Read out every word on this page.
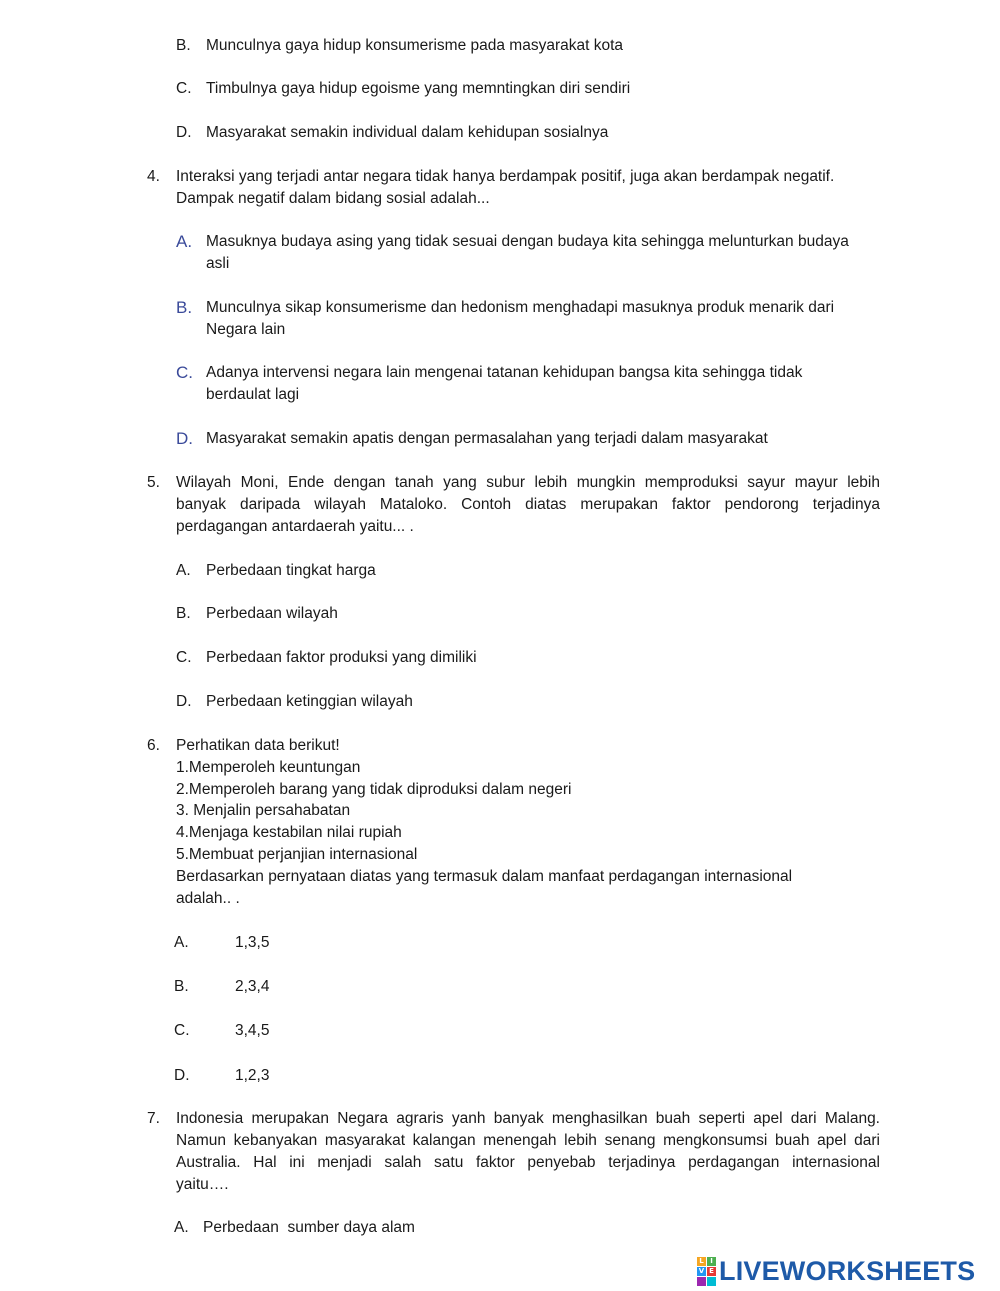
B. Munculnya gaya hidup konsumerisme pada masyarakat kota
C. Timbulnya gaya hidup egoisme yang memntingkan diri sendiri
D. Masyarakat semakin individual dalam kehidupan sosialnya
4. Interaksi yang terjadi antar negara tidak hanya berdampak positif, juga akan berdampak negatif.
Dampak negatif dalam bidang sosial adalah...
A. Masuknya budaya asing yang tidak sesuai dengan budaya kita sehingga melunturkan budaya
asli
B. Munculnya sikap konsumerisme dan hedonism menghadapi masuknya produk menarik dari
Negara lain
C. Adanya intervensi negara lain mengenai tatanan kehidupan bangsa kita sehingga tidak
berdaulat lagi
D. Masyarakat semakin apatis dengan permasalahan yang terjadi dalam masyarakat
5. Wilayah Moni, Ende dengan tanah yang subur lebih mungkin memproduksi sayur mayur lebih
banyak daripada wilayah Mataloko. Contoh diatas merupakan faktor pendorong terjadinya
perdagangan antardaerah yaitu... .
A. Perbedaan tingkat harga
B. Perbedaan wilayah
C. Perbedaan faktor produksi yang dimiliki
D. Perbedaan ketinggian wilayah
6. Perhatikan data berikut!
1.Memperoleh keuntungan
2.Memperoleh barang yang tidak diproduksi dalam negeri
3. Menjalin persahabatan
4.Menjaga kestabilan nilai rupiah
5.Membuat perjanjian internasional
Berdasarkan pernyataan diatas yang termasuk dalam manfaat perdagangan internasional
adalah.. .
A.	1,3,5
B.	2,3,4
C.	3,4,5
D.	1,2,3
7. Indonesia merupakan Negara agraris yanh banyak menghasilkan buah seperti apel dari Malang.
Namun kebanyakan masyarakat kalangan menengah lebih senang mengkonsumsi buah apel dari
Australia. Hal ini menjadi salah satu faktor penyebab terjadinya perdagangan internasional
yaitu….
A. Perbedaan  sumber daya alam
L I
V E LIVEWORKSHEETS
